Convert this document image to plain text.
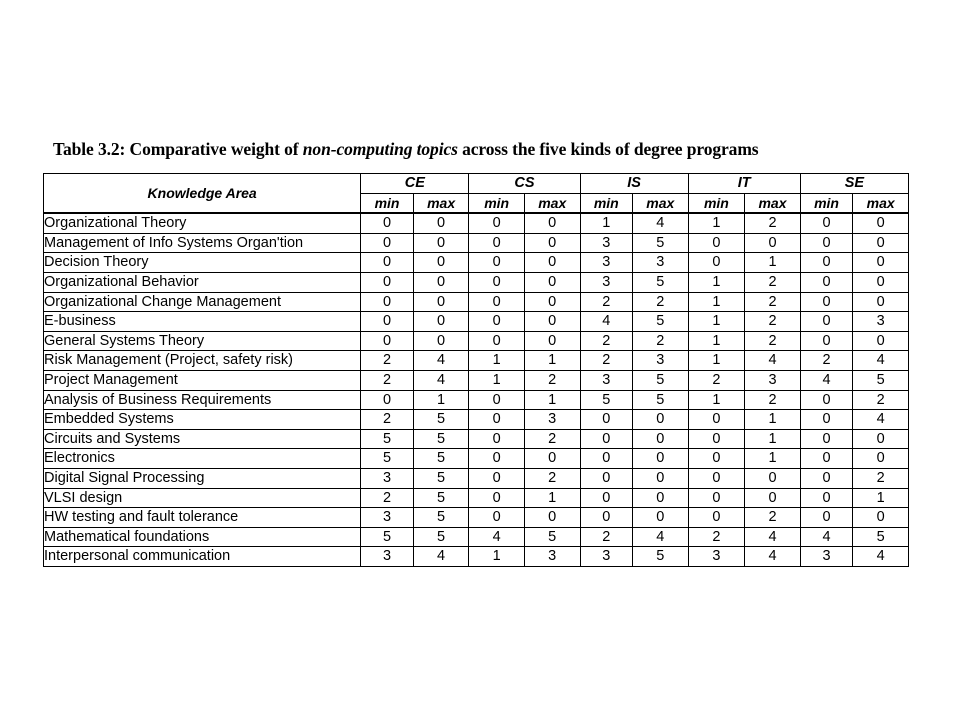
Table 3.2: Comparative weight of non-computing topics across the five kinds of degree programs

Knowledge Area	CE		CS		IS		IT		SE	
	min	max	min	max	min	max	min	max	min	max
Organizational Theory	0	0	0	0	1	4	1	2	0	0
Management of Info Systems Organ'tion	0	0	0	0	3	5	0	0	0	0
Decision Theory	0	0	0	0	3	3	0	1	0	0
Organizational Behavior	0	0	0	0	3	5	1	2	0	0
Organizational Change Management	0	0	0	0	2	2	1	2	0	0
E-business	0	0	0	0	4	5	1	2	0	3
General Systems Theory	0	0	0	0	2	2	1	2	0	0
Risk Management (Project, safety risk)	2	4	1	1	2	3	1	4	2	4
Project Management	2	4	1	2	3	5	2	3	4	5
Analysis of Business Requirements	0	1	0	1	5	5	1	2	0	2
Embedded Systems	2	5	0	3	0	0	0	1	0	4
Circuits and Systems	5	5	0	2	0	0	0	1	0	0
Electronics	5	5	0	0	0	0	0	1	0	0
Digital Signal Processing	3	5	0	2	0	0	0	0	0	2
VLSI design	2	5	0	1	0	0	0	0	0	1
HW testing and fault tolerance	3	5	0	0	0	0	0	2	0	0
Mathematical foundations	5	5	4	5	2	4	2	4	4	5
Interpersonal communication	3	4	1	3	3	5	3	4	3	4
